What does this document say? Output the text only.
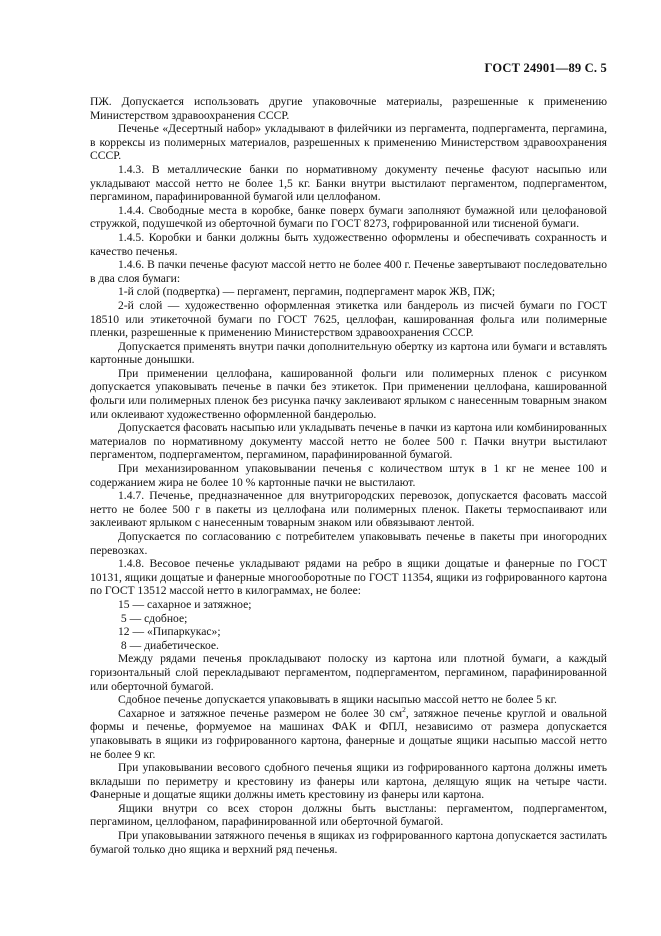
ГОСТ 24901—89 С. 5

ПЖ. Допускается использовать другие упаковочные материалы, разрешенные к применению Министерством здравоохранения СССР.

Печенье «Десертный набор» укладывают в филейчики из пергамента, подпергамента, пергамина, в коррексы из полимерных материалов, разрешенных к применению Министерством здравоохранения СССР.

1.4.3. В металлические банки по нормативному документу печенье фасуют насыпью или укладывают массой нетто не более 1,5 кг. Банки внутри выстилают пергаментом, подпергаментом, пергамином, парафинированной бумагой или целлофаном.

1.4.4. Свободные места в коробке, банке поверх бумаги заполняют бумажной или целофановой стружкой, подушечкой из оберточной бумаги по ГОСТ 8273, гофрированной или тисненой бумаги.

1.4.5. Коробки и банки должны быть художественно оформлены и обеспечивать сохранность и качество печенья.

1.4.6. В пачки печенье фасуют массой нетто не более 400 г. Печенье завертывают последовательно в два слоя бумаги:

1-й слой (подвертка) — пергамент, пергамин, подпергамент марок ЖВ, ПЖ;

2-й слой — художественно оформленная этикетка или бандероль из писчей бумаги по ГОСТ 18510 или этикеточной бумаги по ГОСТ 7625, целлофан, кашированная фольга или полимерные пленки, разрешенные к применению Министерством здравоохранения СССР.

Допускается применять внутри пачки дополнительную обертку из картона или бумаги и вставлять картонные донышки.

При применении целлофана, кашированной фольги или полимерных пленок с рисунком допускается упаковывать печенье в пачки без этикеток. При применении целлофана, кашированной фольги или полимерных пленок без рисунка пачку заклеивают ярлыком с нанесенным товарным знаком или оклеивают художественно оформленной бандеролью.

Допускается фасовать насыпью или укладывать печенье в пачки из картона или комбинированных материалов по нормативному документу массой нетто не более 500 г. Пачки внутри выстилают пергаментом, подпергаментом, пергамином, парафинированной бумагой.

При механизированном упаковывании печенья с количеством штук в 1 кг не менее 100 и содержанием жира не более 10 % картонные пачки не выстилают.

1.4.7. Печенье, предназначенное для внутригородских перевозок, допускается фасовать массой нетто не более 500 г в пакеты из целлофана или полимерных пленок. Пакеты термоспаивают или заклеивают ярлыком с нанесенным товарным знаком или обвязывают лентой.

Допускается по согласованию с потребителем упаковывать печенье в пакеты при иногородних перевозках.

1.4.8. Весовое печенье укладывают рядами на ребро в ящики дощатые и фанерные по ГОСТ 10131, ящики дощатые и фанерные многооборотные по ГОСТ 11354, ящики из гофрированного картона по ГОСТ 13512 массой нетто в килограммах, не более:

15 — сахарное и затяжное;

5 — сдобное;

12 — «Пипаркукас»;

8 — диабетическое.

Между рядами печенья прокладывают полоску из картона или плотной бумаги, а каждый горизонтальный слой перекладывают пергаментом, подпергаментом, пергамином, парафинированной или оберточной бумагой.

Сдобное печенье допускается упаковывать в ящики насыпью массой нетто не более 5 кг.

Сахарное и затяжное печенье размером не более 30 $см^2$, затяжное печенье круглой и овальной формы и печенье, формуемое на машинах ФАК и ФПЛ, независимо от размера допускается упаковывать в ящики из гофрированного картона, фанерные и дощатые ящики насыпью массой нетто не более 9 кг.

При упаковывании весового сдобного печенья ящики из гофрированного картона должны иметь вкладыши по периметру и крестовину из фанеры или картона, делящую ящик на четыре части. Фанерные и дощатые ящики должны иметь крестовину из фанеры или картона.

Ящики внутри со всех сторон должны быть выстланы: пергаментом, подпергаментом, пергамином, целлофаном, парафинированной или оберточной бумагой.

При упаковывании затяжного печенья в ящиках из гофрированного картона допускается застилать бумагой только дно ящика и верхний ряд печенья.
